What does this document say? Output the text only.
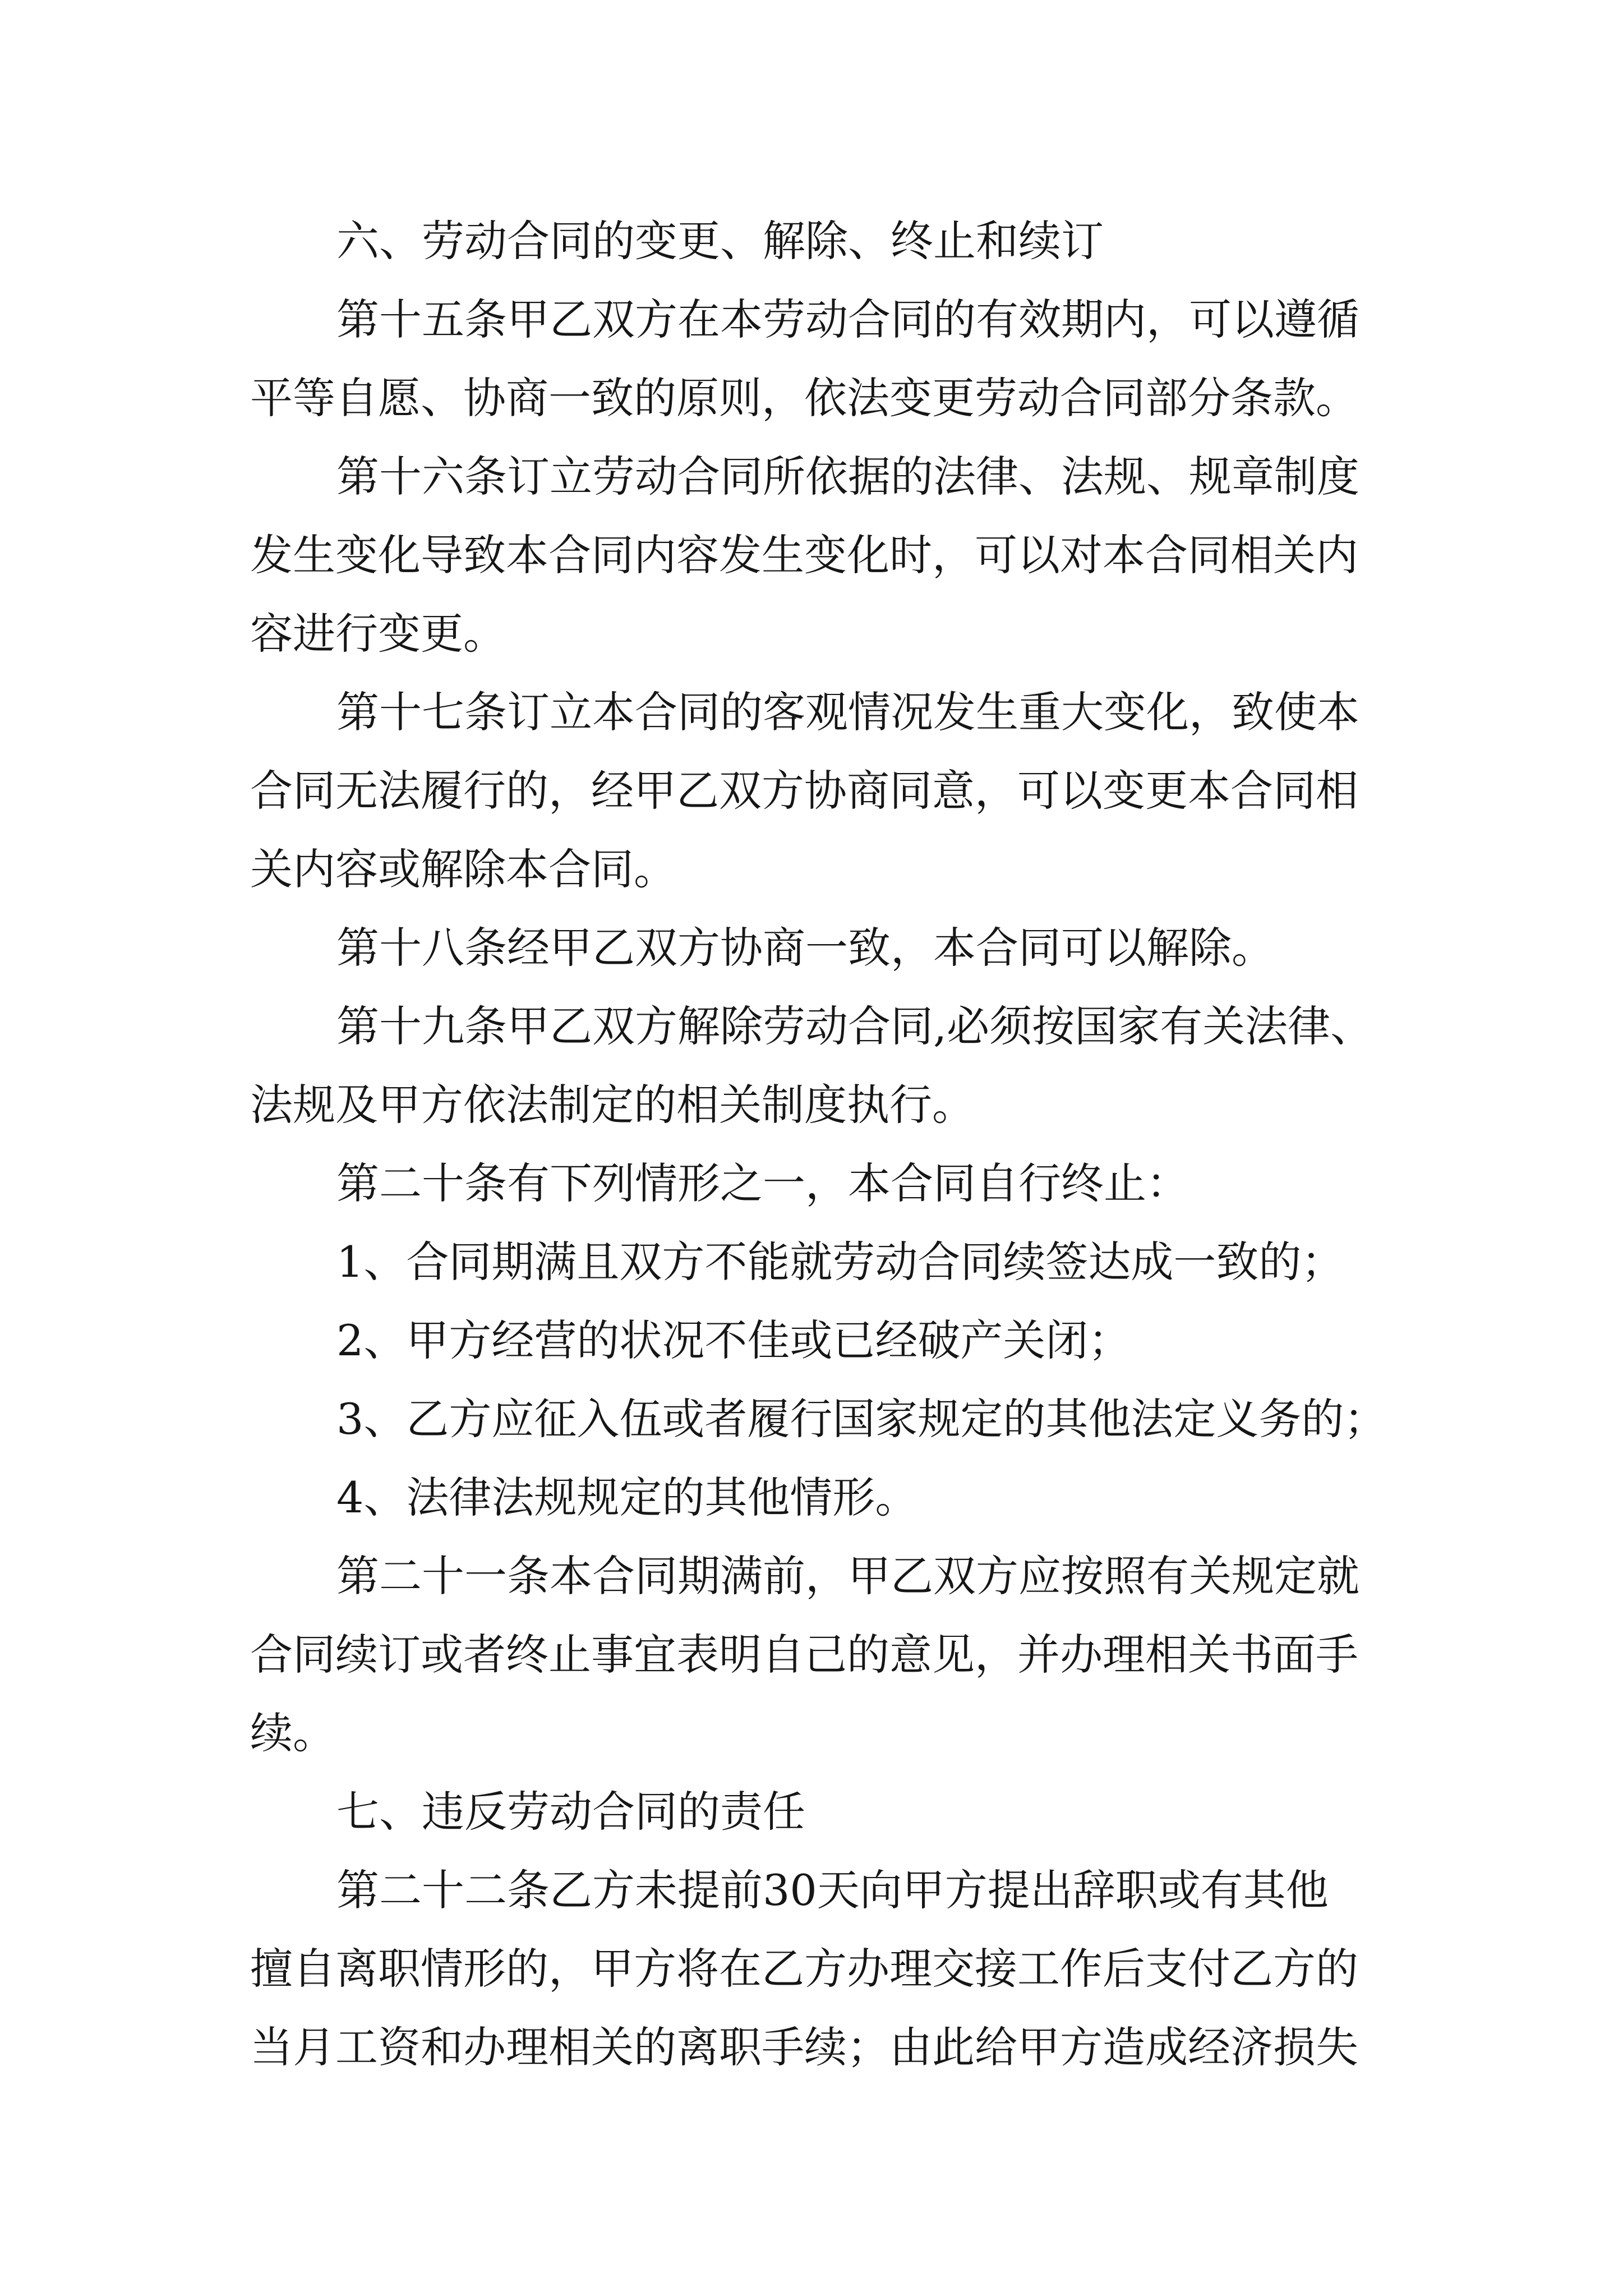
六、劳动合同的变更、解除、终止和续订

第十五条甲乙双方在本劳动合同的有效期内，可以遵循

平等自愿、协商一致的原则，依法变更劳动合同部分条款。

第十六条订立劳动合同所依据的法律、法规、规章制度

发生变化导致本合同内容发生变化时，可以对本合同相关内

容进行变更。

第十七条订立本合同的客观情况发生重大变化，致使本

合同无法履行的，经甲乙双方协商同意，可以变更本合同相

关内容或解除本合同。

第十八条经甲乙双方协商一致，本合同可以解除。

第十九条甲乙双方解除劳动合同,必须按国家有关法律、

法规及甲方依法制定的相关制度执行。

第二十条有下列情形之一，本合同自行终止：

1、合同期满且双方不能就劳动合同续签达成一致的；

2、甲方经营的状况不佳或已经破产关闭；

3、乙方应征入伍或者履行国家规定的其他法定义务的；

4、法律法规规定的其他情形。

第二十一条本合同期满前，甲乙双方应按照有关规定就

合同续订或者终止事宜表明自己的意见，并办理相关书面手

续。

七、违反劳动合同的责任

第二十二条乙方未提前30天向甲方提出辞职或有其他

擅自离职情形的，甲方将在乙方办理交接工作后支付乙方的

当月工资和办理相关的离职手续；由此给甲方造成经济损失
